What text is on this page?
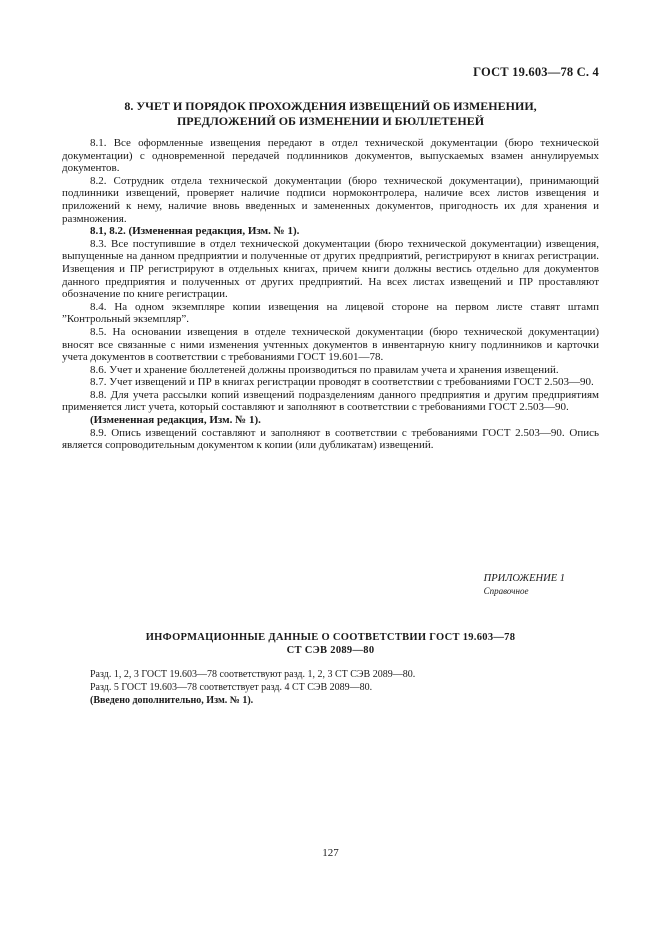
ГОСТ 19.603—78 С. 4
8. УЧЕТ И ПОРЯДОК ПРОХОЖДЕНИЯ ИЗВЕЩЕНИЙ ОБ ИЗМЕНЕНИИ,
ПРЕДЛОЖЕНИЙ ОБ ИЗМЕНЕНИИ И БЮЛЛЕТЕНЕЙ

8.1. Все оформленные извещения передают в отдел технической документации (бюро технической документации) с одновременной передачей подлинников документов, выпускаемых взамен аннулируемых документов.

8.2. Сотрудник отдела технической документации (бюро технической документации), принимающий подлинники извещений, проверяет наличие подписи нормоконтролера, наличие всех листов извещения и приложений к нему, наличие вновь введенных и замененных документов, пригодность их для хранения и размножения.

8.1, 8.2. (Измененная редакция, Изм. № 1).

8.3. Все поступившие в отдел технической документации (бюро технической документации) извещения, выпущенные на данном предприятии и полученные от других предприятий, регистрируют в книгах регистрации. Извещения и ПР регистрируют в отдельных книгах, причем книги должны вестись отдельно для документов данного предприятия и полученных от других предприятий. На всех листах извещений и ПР проставляют обозначение по книге регистрации.

8.4. На одном экземпляре копии извещения на лицевой стороне на первом листе ставят штамп ”Контрольный экземпляр”.

8.5. На основании извещения в отделе технической документации (бюро технической документации) вносят все связанные с ними изменения учтенных документов в инвентарную книгу подлинников и карточки учета документов в соответствии с требованиями ГОСТ 19.601—78.

8.6. Учет и хранение бюллетеней должны производиться по правилам учета и хранения извещений.

8.7. Учет извещений и ПР в книгах регистрации проводят в соответствии с требованиями ГОСТ 2.503—90.

8.8. Для учета рассылки копий извещений подразделениям данного предприятия и другим предприятиям применяется лист учета, который составляют и заполняют в соответствии с требованиями ГОСТ 2.503—90.

(Измененная редакция, Изм. № 1).

8.9. Опись извещений составляют и заполняют в соответствии с требованиями ГОСТ 2.503—90. Опись является сопроводительным документом к копии (или дубликатам) извещений.

ПРИЛОЖЕНИЕ 1
Справочное
ИНФОРМАЦИОННЫЕ ДАННЫЕ О СООТВЕТСТВИИ ГОСТ 19.603—78
СТ СЭВ 2089—80

Разд. 1, 2, 3 ГОСТ 19.603—78 соответствуют разд. 1, 2, 3 СТ СЭВ 2089—80.

Разд. 5 ГОСТ 19.603—78 соответствует разд. 4 СТ СЭВ 2089—80.

(Введено дополнительно, Изм. № 1).

127
